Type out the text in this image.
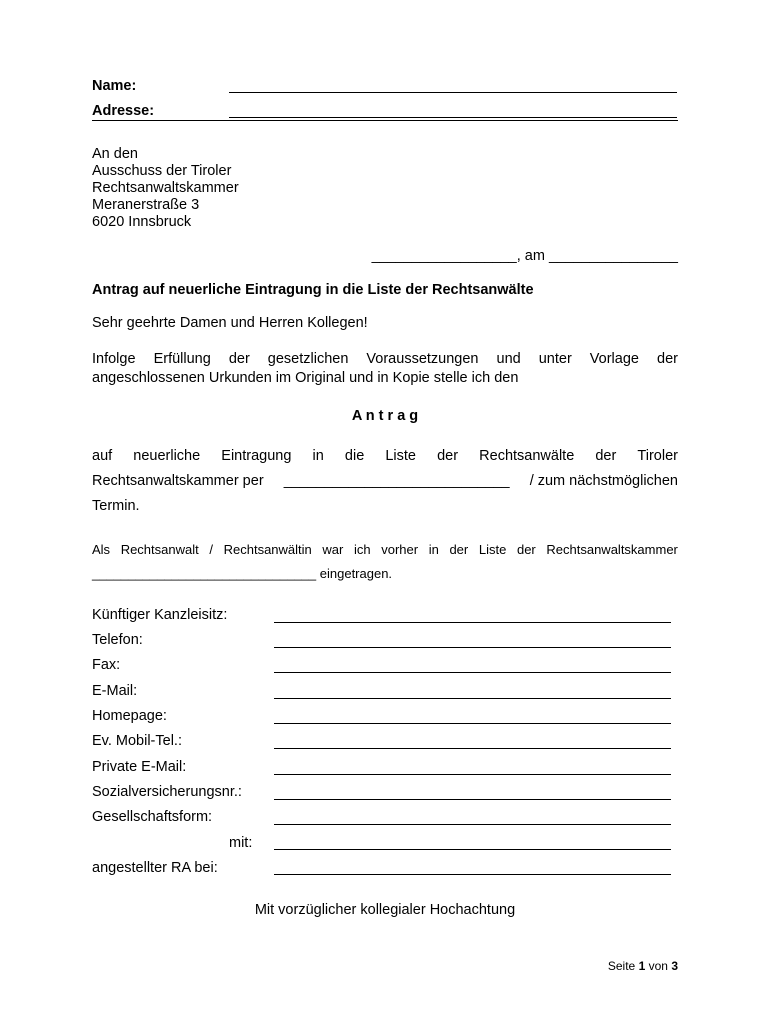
Name:
Adresse:
An den
Ausschuss der Tiroler
Rechtsanwaltskammer
Meranerstraße 3
6020 Innsbruck
__________________, am ________________
Antrag auf neuerliche Eintragung in die Liste der Rechtsanwälte
Sehr geehrte Damen und Herren Kollegen!
Infolge Erfüllung der gesetzlichen Voraussetzungen und unter Vorlage der
angeschlossenen Urkunden im Original und in Kopie stelle ich den
A n t r a g
auf neuerliche Eintragung in die Liste der Rechtsanwälte der Tiroler
Rechtsanwaltskammer per ____________________________ / zum nächstmöglichen
Termin.
Als Rechtsanwalt / Rechtsanwältin war ich vorher in der Liste der Rechtsanwaltskammer
_______________________________ eingetragen.
Künftiger Kanzleisitz:
Telefon:
Fax:
E-Mail:
Homepage:
Ev. Mobil-Tel.:
Private E-Mail:
Sozialversicherungsnr.:
Gesellschaftsform:
mit:
angestellter RA bei:
Mit vorzüglicher kollegialer Hochachtung
Seite 1 von 3
